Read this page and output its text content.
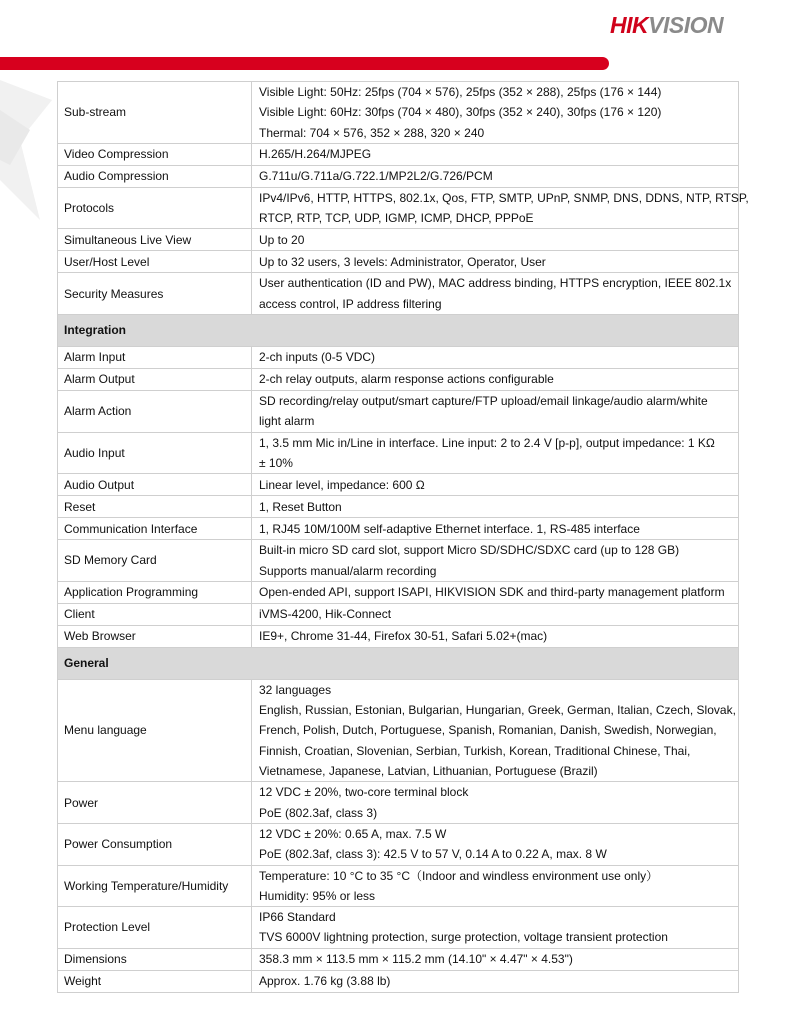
HIKVISION
Sub-stream	Visible Light: 50Hz: 25fps (704 × 576), 25fps (352 × 288), 25fps (176 × 144)
Visible Light: 60Hz: 30fps (704 × 480), 30fps (352 × 240), 30fps (176 × 120)
Thermal: 704 × 576, 352 × 288, 320 × 240

Video Compression	H.265/H.264/MJPEG

Audio Compression	G.711u/G.711a/G.722.1/MP2L2/G.726/PCM

Protocols	IPv4/IPv6, HTTP, HTTPS, 802.1x, Qos, FTP, SMTP, UPnP, SNMP, DNS, DDNS, NTP, RTSP,
RTCP, RTP, TCP, UDP, IGMP, ICMP, DHCP, PPPoE

Simultaneous Live View	Up to 20

User/Host Level	Up to 32 users, 3 levels: Administrator, Operator, User

Security Measures	User authentication (ID and PW), MAC address binding, HTTPS encryption, IEEE 802.1x
access control, IP address filtering

Integration	
Alarm Input	2-ch inputs (0-5 VDC)

Alarm Output	2-ch relay outputs, alarm response actions configurable

Alarm Action	SD recording/relay output/smart capture/FTP upload/email linkage/audio alarm/white
light alarm

Audio Input	1, 3.5 mm Mic in/Line in interface. Line input: 2 to 2.4 V [p-p], output impedance: 1 KΩ
± 10%

Audio Output	Linear level, impedance: 600 Ω

Reset	1, Reset Button

Communication Interface	1, RJ45 10M/100M self-adaptive Ethernet interface. 1, RS-485 interface

SD Memory Card	Built-in micro SD card slot, support Micro SD/SDHC/SDXC card (up to 128 GB)
Supports manual/alarm recording

Application Programming	Open-ended API, support ISAPI, HIKVISION SDK and third-party management platform

Client	iVMS-4200, Hik-Connect

Web Browser	IE9+, Chrome 31-44, Firefox 30-51, Safari 5.02+(mac)

General	
Menu language	32 languages
English, Russian, Estonian, Bulgarian, Hungarian, Greek, German, Italian, Czech, Slovak,
French, Polish, Dutch, Portuguese, Spanish, Romanian, Danish, Swedish, Norwegian,
Finnish, Croatian, Slovenian, Serbian, Turkish, Korean, Traditional Chinese, Thai,
Vietnamese, Japanese, Latvian, Lithuanian, Portuguese (Brazil)

Power	12 VDC ± 20%, two-core terminal block
PoE (802.3af, class 3)

Power Consumption	12 VDC ± 20%: 0.65 A, max. 7.5 W
PoE (802.3af, class 3): 42.5 V to 57 V, 0.14 A to 0.22 A, max. 8 W

Working Temperature/Humidity	Temperature: 10 °C to 35 °C（Indoor and windless environment use only）
Humidity: 95% or less

Protection Level	IP66 Standard
TVS 6000V lightning protection, surge protection, voltage transient protection

Dimensions	358.3 mm × 113.5 mm × 115.2 mm (14.10" × 4.47" × 4.53")

Weight	Approx. 1.76 kg (3.88 lb)
